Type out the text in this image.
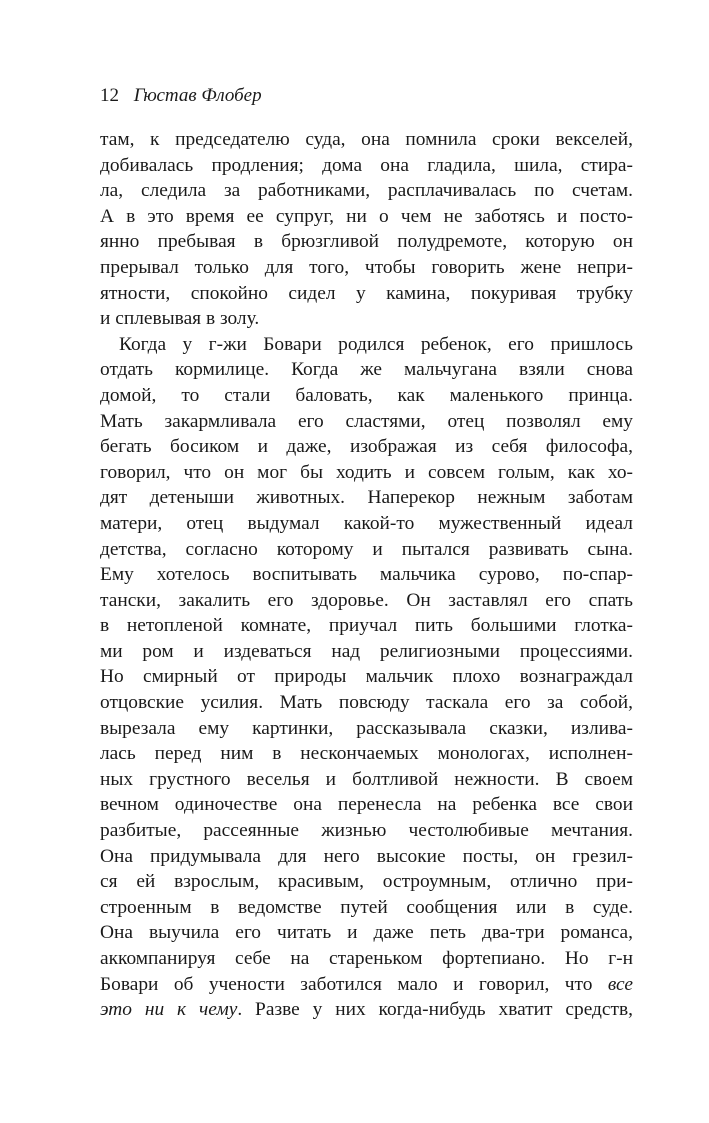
12 Гюстав Флобер
там, к председателю суда, она помнила сроки векселей,
добивалась продления; дома она гладила, шила, стира-
ла, следила за работниками, расплачивалась по счетам.
А в это время ее супруг, ни о чем не заботясь и посто-
янно пребывая в брюзгливой полудремоте, которую он
прерывал только для того, чтобы говорить жене непри-
ятности, спокойно сидел у камина, покуривая трубку
и сплевывая в золу.
Когда у г-жи Бовари родился ребенок, его пришлось
отдать кормилице. Когда же мальчугана взяли снова
домой, то стали баловать, как маленького принца.
Мать закармливала его сластями, отец позволял ему
бегать босиком и даже, изображая из себя философа,
говорил, что он мог бы ходить и совсем голым, как хо-
дят детеныши животных. Наперекор нежным заботам
матери, отец выдумал какой-то мужественный идеал
детства, согласно которому и пытался развивать сына.
Ему хотелось воспитывать мальчика сурово, по-спар-
тански, закалить его здоровье. Он заставлял его спать
в нетопленой комнате, приучал пить большими глотка-
ми ром и издеваться над религиозными процессиями.
Но смирный от природы мальчик плохо вознаграждал
отцовские усилия. Мать повсюду таскала его за собой,
вырезала ему картинки, рассказывала сказки, излива-
лась перед ним в нескончаемых монологах, исполнен-
ных грустного веселья и болтливой нежности. В своем
вечном одиночестве она перенесла на ребенка все свои
разбитые, рассеянные жизнью честолюбивые мечтания.
Она придумывала для него высокие посты, он грезил-
ся ей взрослым, красивым, остроумным, отлично при-
строенным в ведомстве путей сообщения или в суде.
Она выучила его читать и даже петь два-три романса,
аккомпанируя себе на старeньком фортепиано. Но г-н
Бовари об учености заботился мало и говорил, что все
это ни к чему. Разве у них когда-нибудь хватит средств,
